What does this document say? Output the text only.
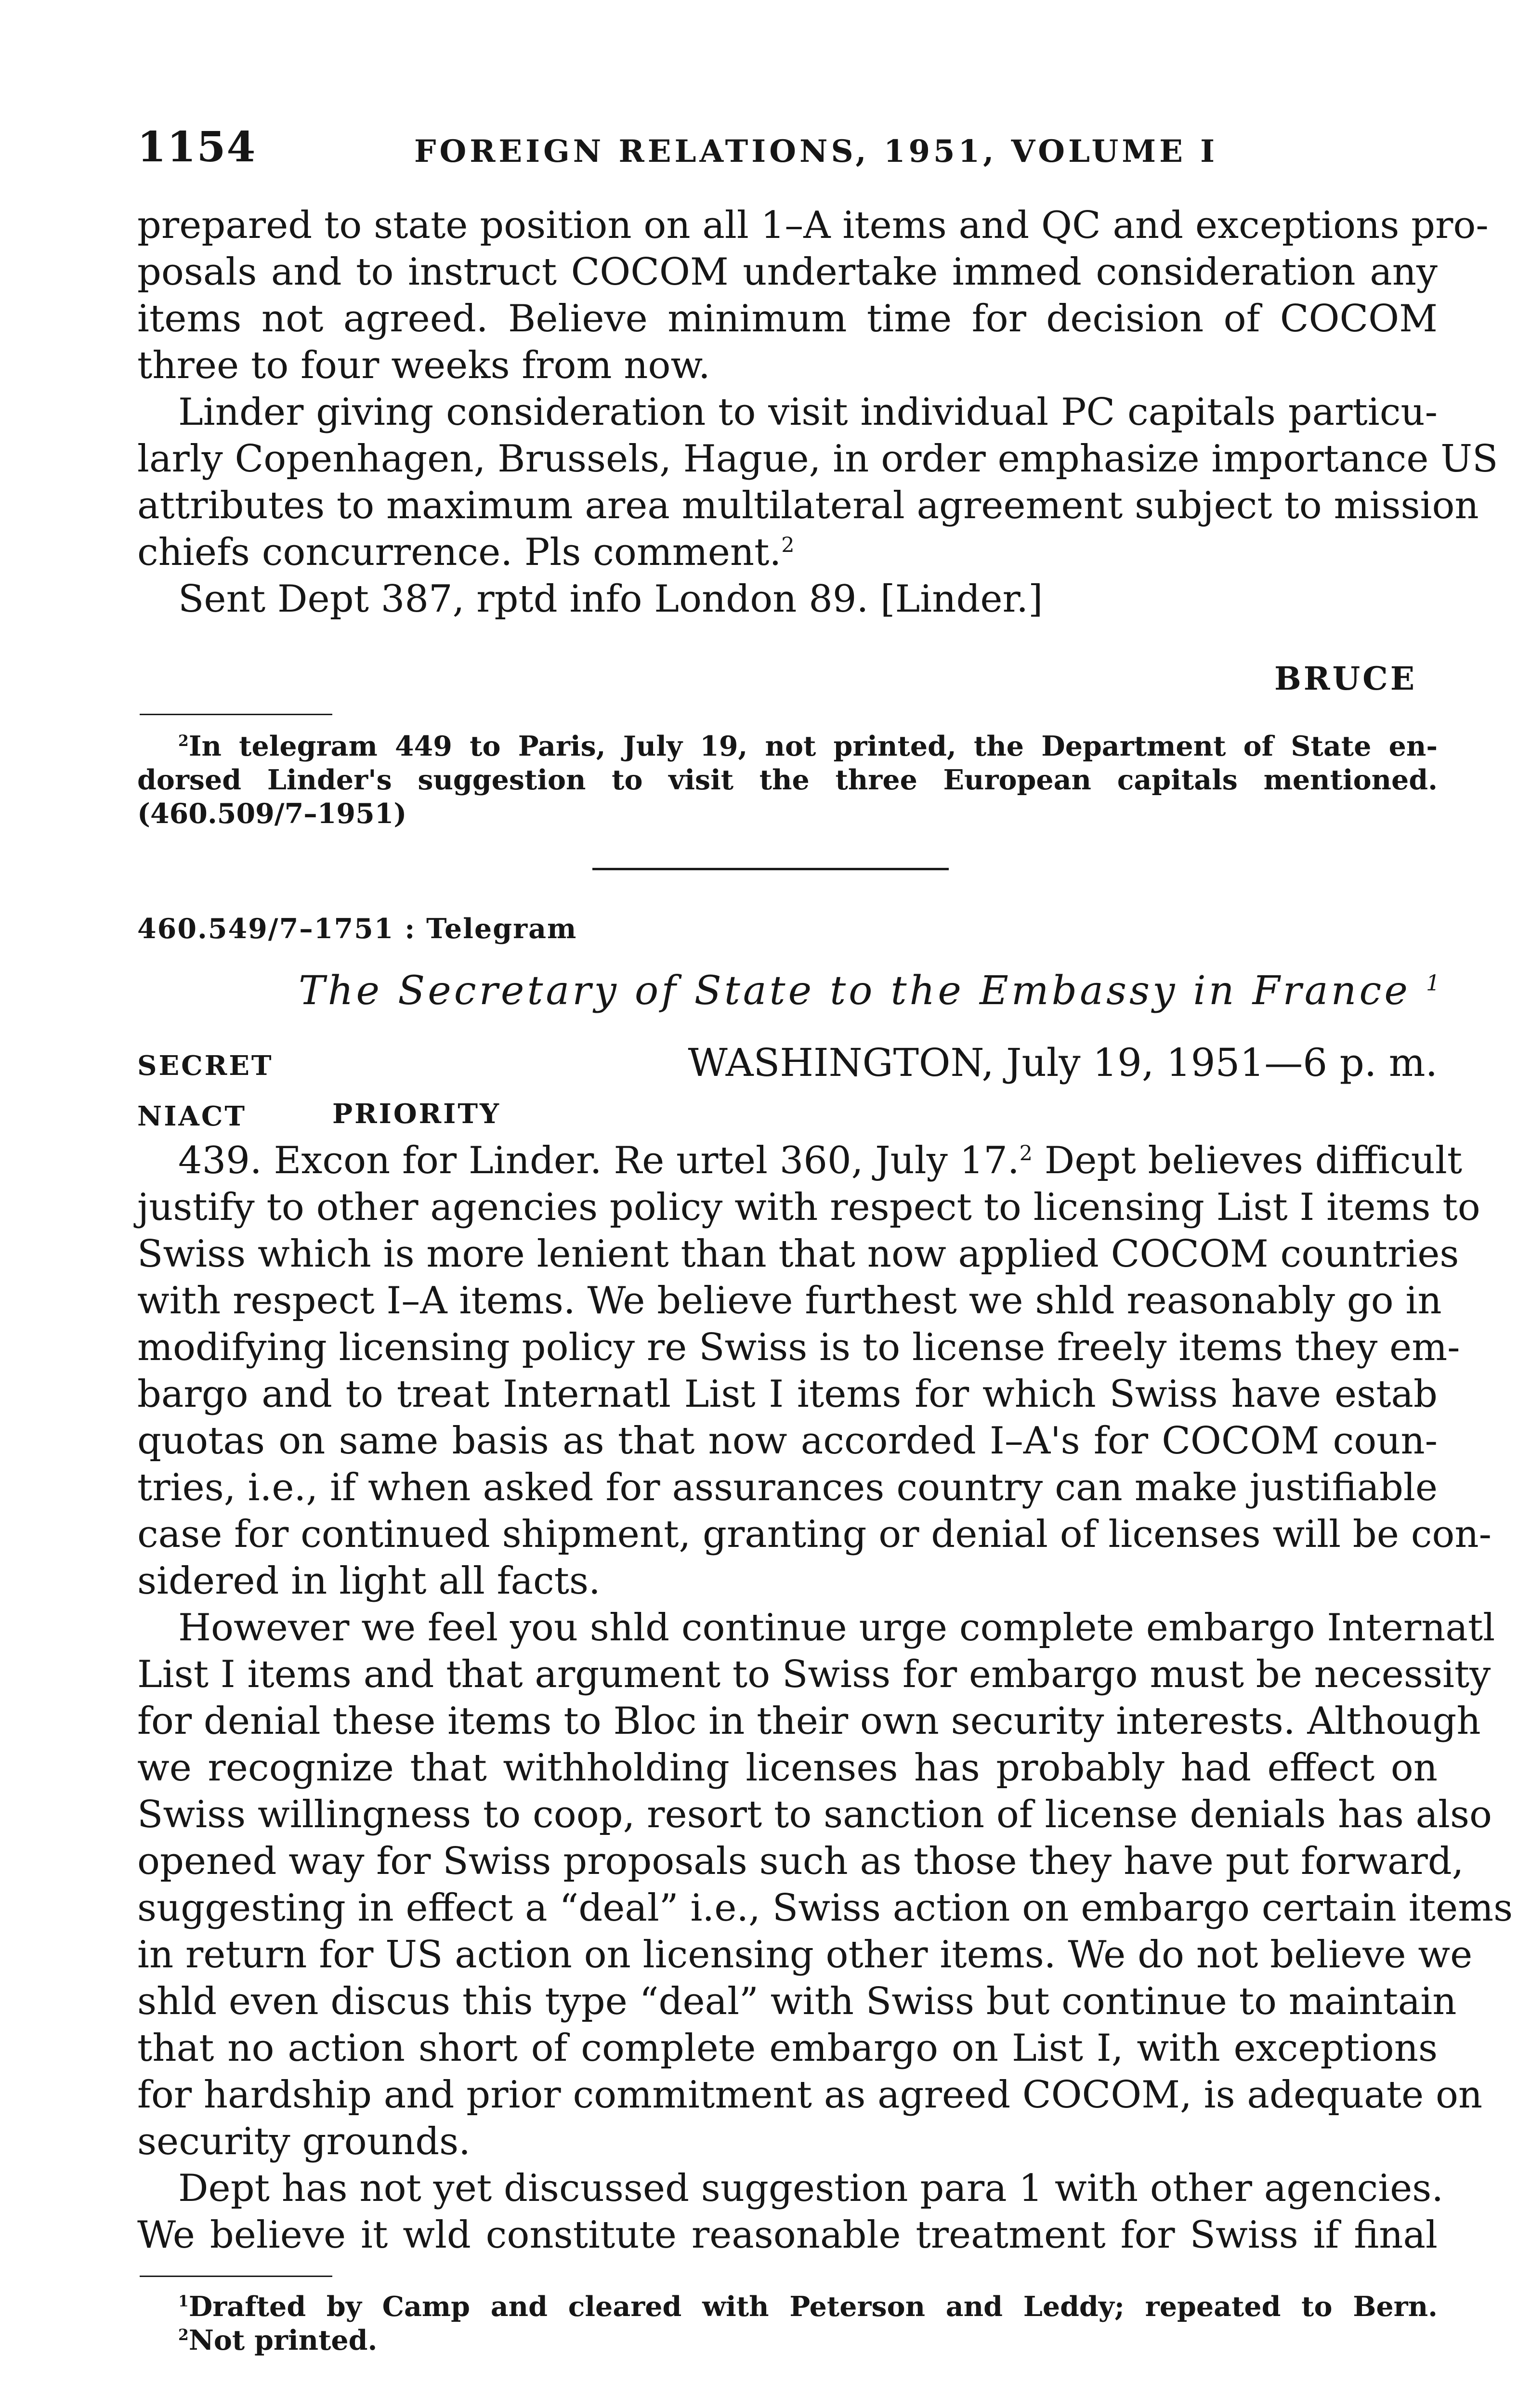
1154	FOREIGN RELATIONS, 1951, VOLUME I
prepared to state position on all 1–A items and QC and exceptions pro-
posals and to instruct COCOM undertake immed consideration any
items not agreed. Believe minimum time for decision of COCOM
three to four weeks from now.
Linder giving consideration to visit individual PC capitals particu-
larly Copenhagen, Brussels, Hague, in order emphasize importance US
attributes to maximum area multilateral agreement subject to mission
chiefs concurrence. Pls comment.$^2$
Sent Dept 387, rptd info London 89. [Linder.]
BRUCE
$^2$In telegram 449 to Paris, July 19, not printed, the Department of State en-
dorsed Linder's suggestion to visit the three European capitals mentioned.
(460.509/7–1951)
460.549/7–1751 : Telegram
The Secretary of State to the Embassy in France $^1$
SECRET	WASHINGTON, July 19, 1951—6 p. m.
NIACT	PRIORITY
439. Excon for Linder. Re urtel 360, July 17.$^2$ Dept believes difficult
justify to other agencies policy with respect to licensing List I items to
Swiss which is more lenient than that now applied COCOM countries
with respect I–A items. We believe furthest we shld reasonably go in
modifying licensing policy re Swiss is to license freely items they em-
bargo and to treat Internatl List I items for which Swiss have estab
quotas on same basis as that now accorded I–A's for COCOM coun-
tries, i.e., if when asked for assurances country can make justifiable
case for continued shipment, granting or denial of licenses will be con-
sidered in light all facts.
However we feel you shld continue urge complete embargo Internatl
List I items and that argument to Swiss for embargo must be necessity
for denial these items to Bloc in their own security interests. Although
we recognize that withholding licenses has probably had effect on
Swiss willingness to coop, resort to sanction of license denials has also
opened way for Swiss proposals such as those they have put forward,
suggesting in effect a “deal” i.e., Swiss action on embargo certain items
in return for US action on licensing other items. We do not believe we
shld even discus this type “deal” with Swiss but continue to maintain
that no action short of complete embargo on List I, with exceptions
for hardship and prior commitment as agreed COCOM, is adequate on
security grounds.
Dept has not yet discussed suggestion para 1 with other agencies.
We believe it wld constitute reasonable treatment for Swiss if final
$^1$Drafted by Camp and cleared with Peterson and Leddy; repeated to Bern.
$^2$Not printed.
